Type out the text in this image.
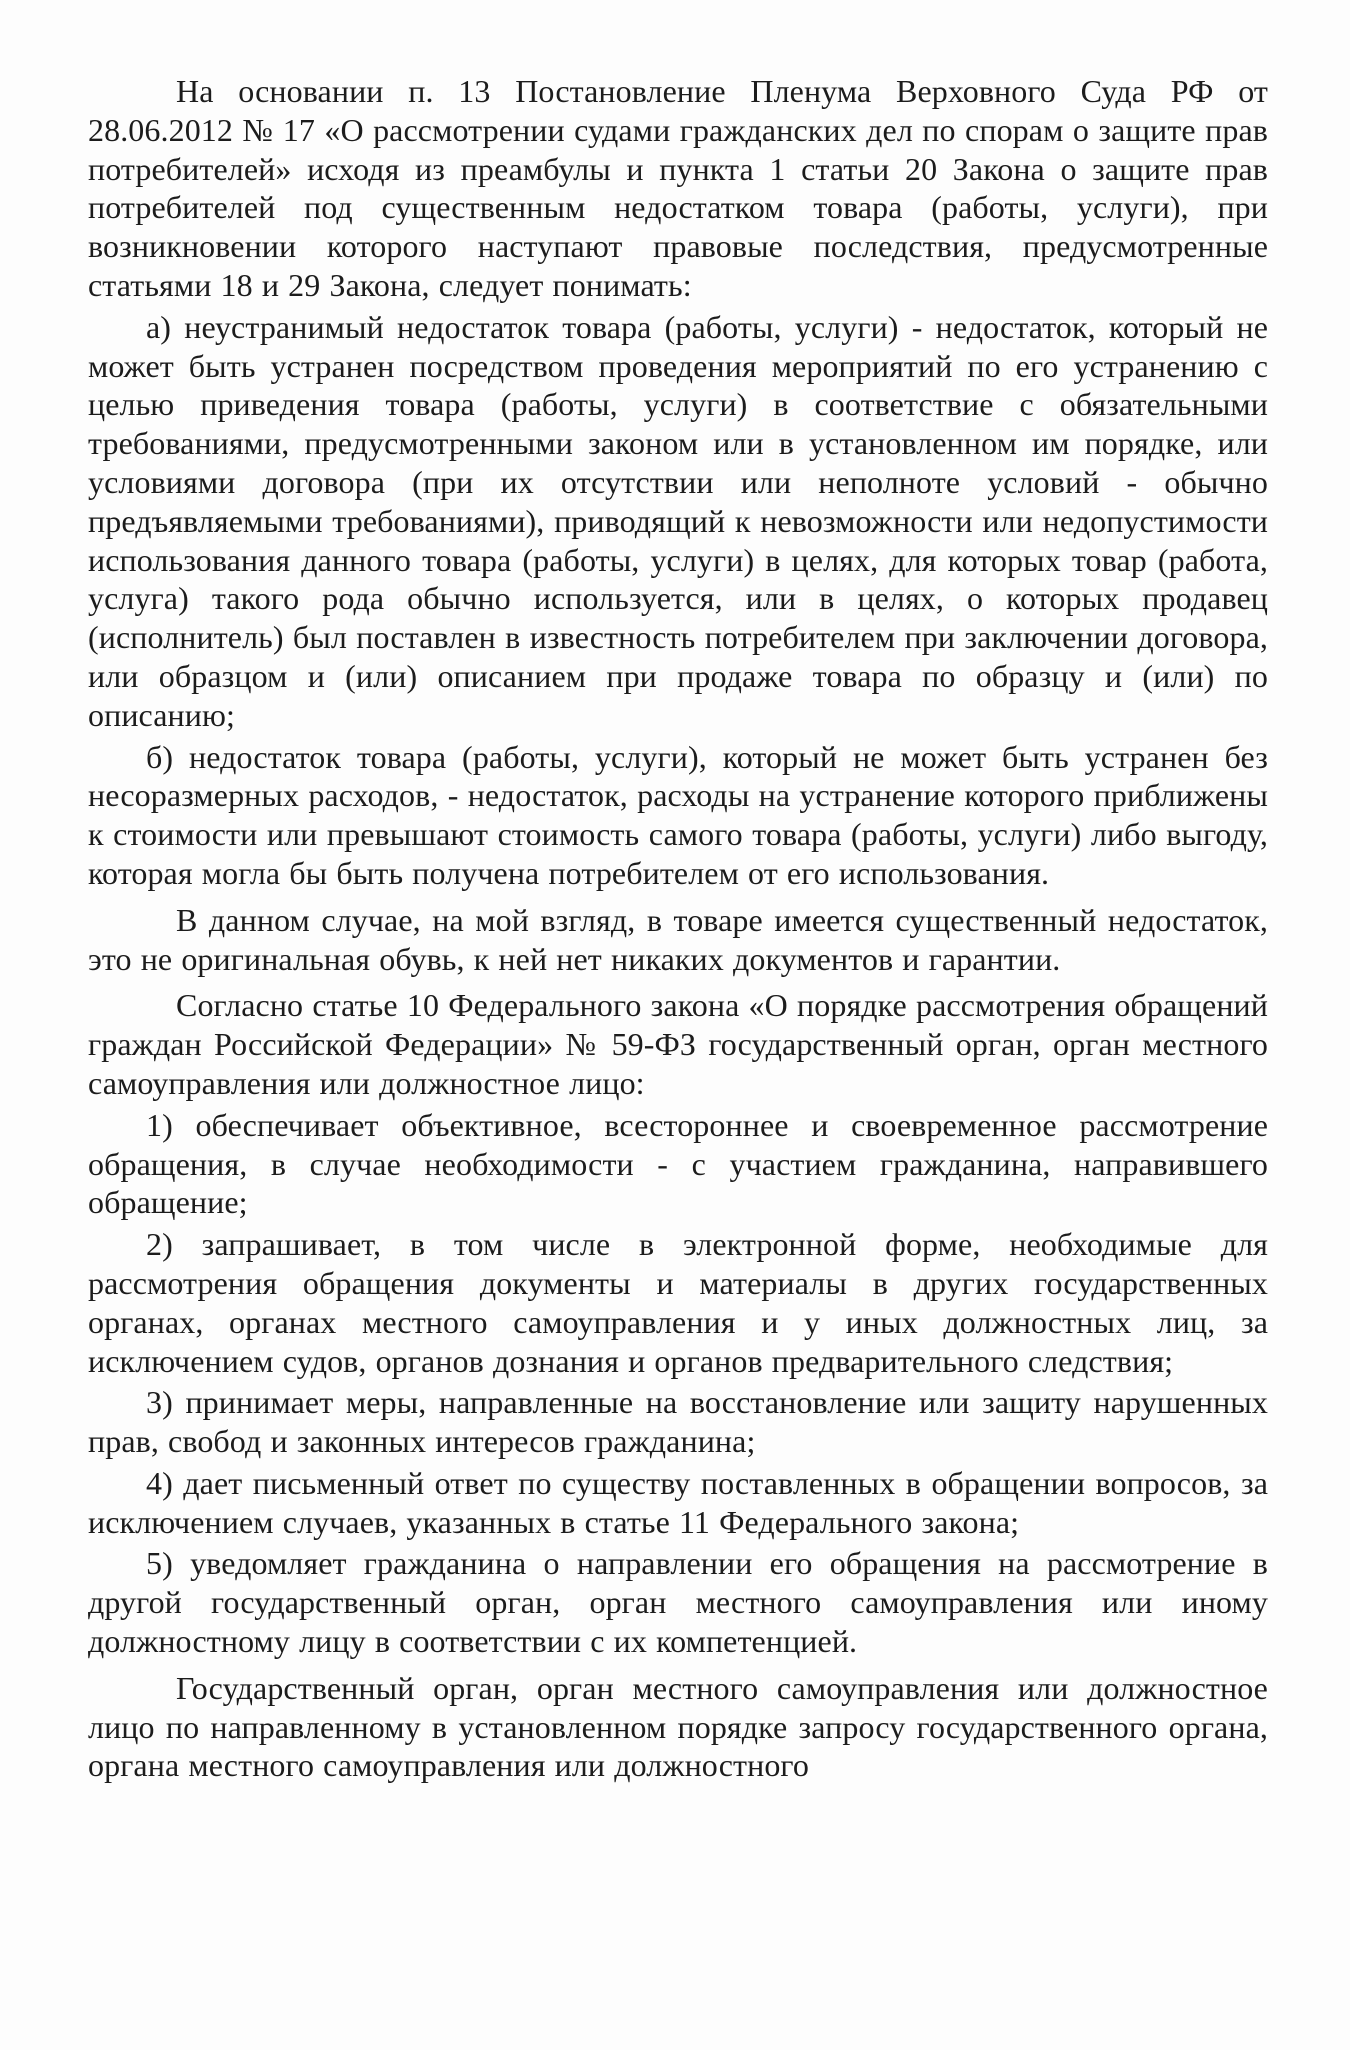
На основании п. 13 Постановление Пленума Верховного Суда РФ от 28.06.2012 № 17 «О рассмотрении судами гражданских дел по спорам о защите прав потребителей» исходя из преамбулы и пункта 1 статьи 20 Закона о защите прав потребителей под существенным недостатком товара (работы, услуги), при возникновении которого наступают правовые последствия, предусмотренные статьями 18 и 29 Закона, следует понимать:

а) неустранимый недостаток товара (работы, услуги) - недостаток, который не может быть устранен посредством проведения мероприятий по его устранению с целью приведения товара (работы, услуги) в соответствие с обязательными требованиями, предусмотренными законом или в установленном им порядке, или условиями договора (при их отсутствии или неполноте условий - обычно предъявляемыми требованиями), приводящий к невозможности или недопустимости использования данного товара (работы, услуги) в целях, для которых товар (работа, услуга) такого рода обычно используется, или в целях, о которых продавец (исполнитель) был поставлен в известность потребителем при заключении договора, или образцом и (или) описанием при продаже товара по образцу и (или) по описанию;

б) недостаток товара (работы, услуги), который не может быть устранен без несоразмерных расходов, - недостаток, расходы на устранение которого приближены к стоимости или превышают стоимость самого товара (работы, услуги) либо выгоду, которая могла бы быть получена потребителем от его использования.

В данном случае, на мой взгляд, в товаре имеется существенный недостаток, это не оригинальная обувь, к ней нет никаких документов и гарантии.

Согласно статье 10 Федерального закона «О порядке рассмотрения обращений граждан Российской Федерации» № 59-ФЗ государственный орган, орган местного самоуправления или должностное лицо:

1) обеспечивает объективное, всестороннее и своевременное рассмотрение обращения, в случае необходимости - с участием гражданина, направившего обращение;

2) запрашивает, в том числе в электронной форме, необходимые для рассмотрения обращения документы и материалы в других государственных органах, органах местного самоуправления и у иных должностных лиц, за исключением судов, органов дознания и органов предварительного следствия;

3) принимает меры, направленные на восстановление или защиту нарушенных прав, свобод и законных интересов гражданина;

4) дает письменный ответ по существу поставленных в обращении вопросов, за исключением случаев, указанных в статье 11 Федерального закона;

5) уведомляет гражданина о направлении его обращения на рассмотрение в другой государственный орган, орган местного самоуправления или иному должностному лицу в соответствии с их компетенцией.

Государственный орган, орган местного самоуправления или должностное лицо по направленному в установленном порядке запросу государственного органа, органа местного самоуправления или должностного
